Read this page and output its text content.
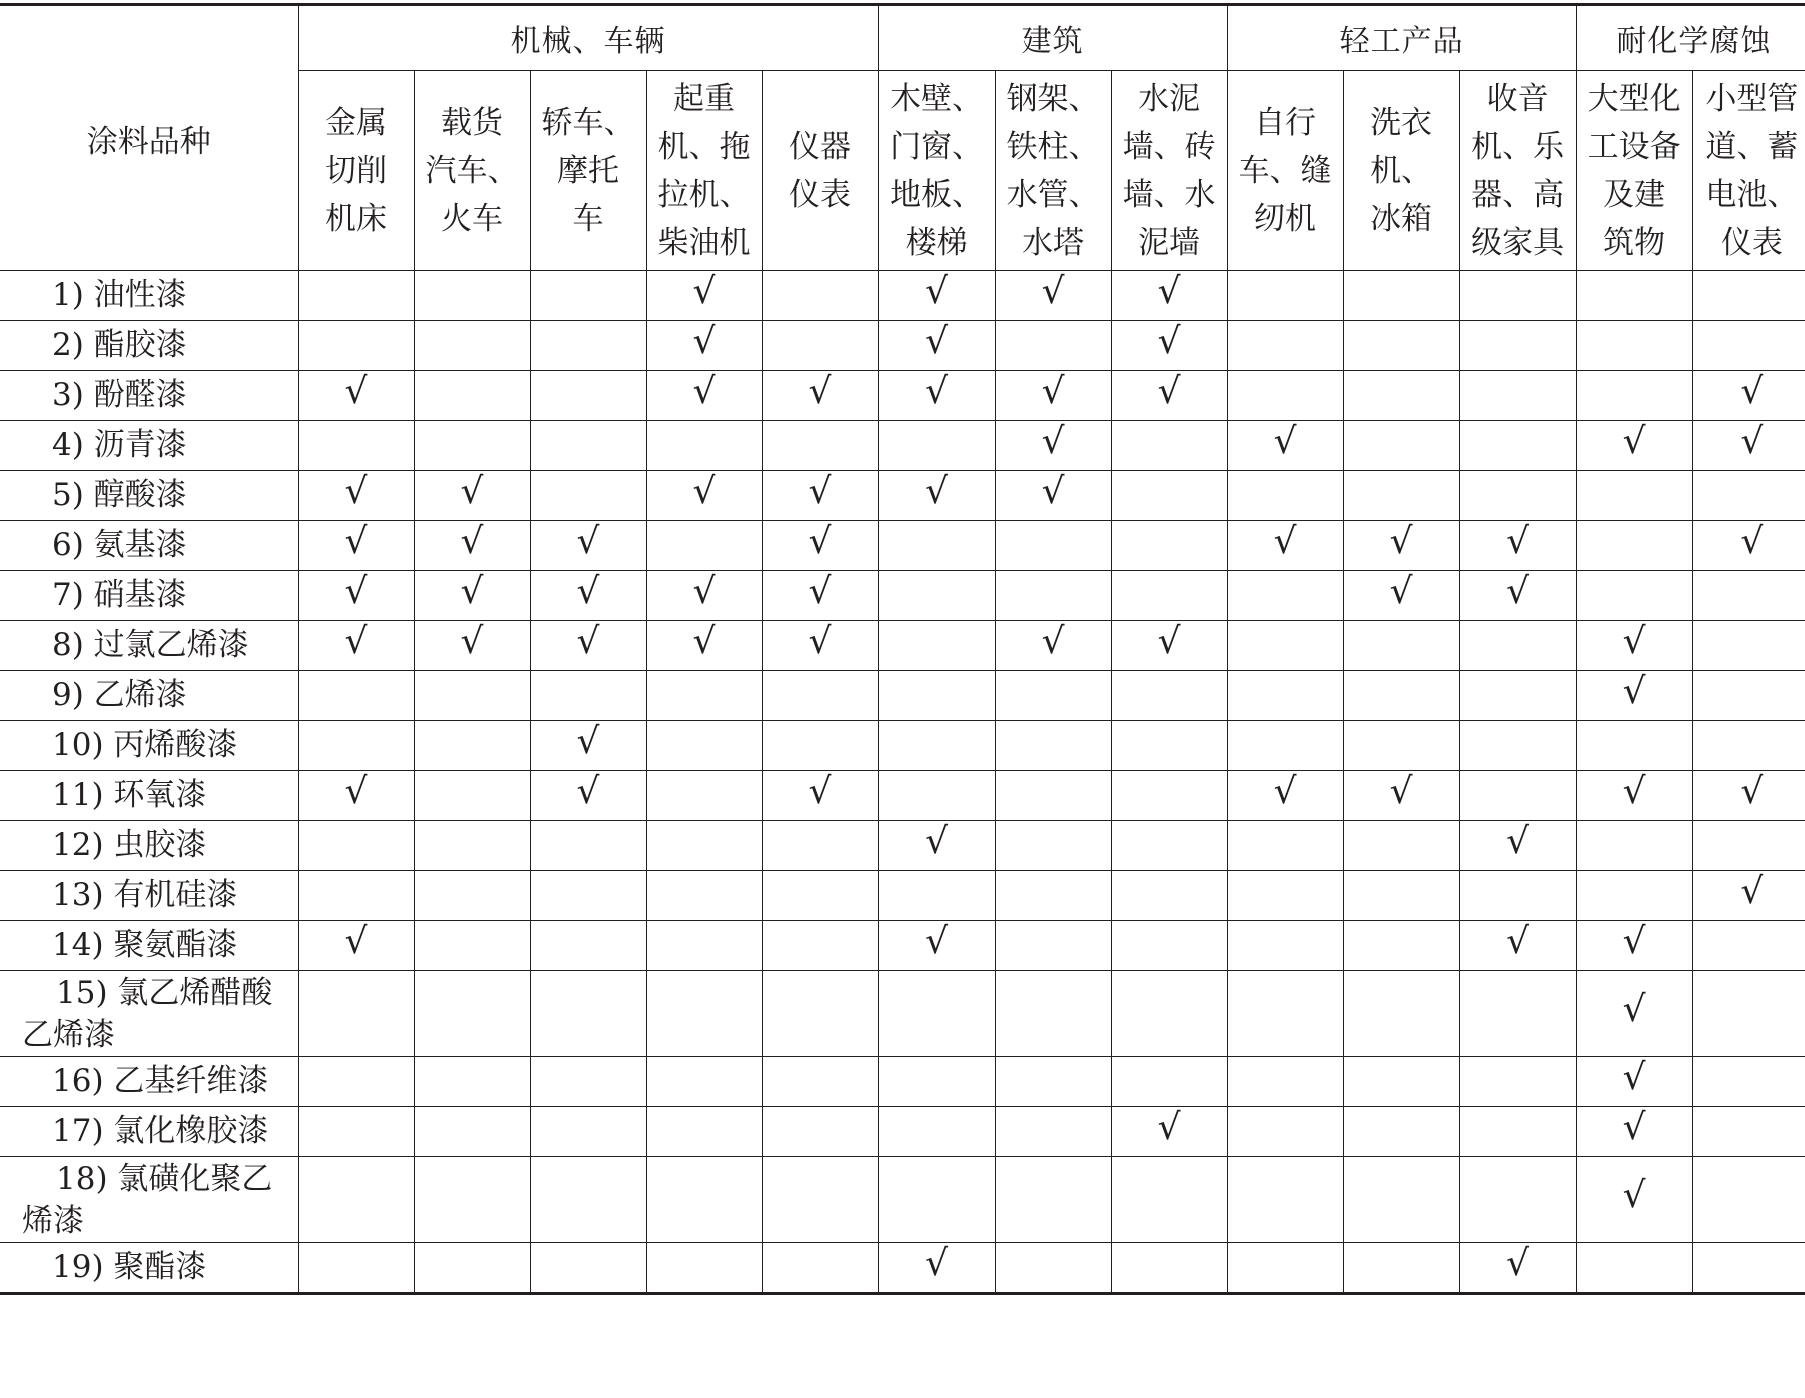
涂料品种	机械、车辆					建筑			轻工产品			耐化学腐蚀	

	金属
切削
机床	载货
汽车、
火车	轿车、
摩托
车	起重
机、拖
拉机、
柴油机	仪器
仪表	木壁、
门窗、
地板、
楼梯	钢架、
铁柱、
水管、
水塔	水泥
墙、砖
墙、水
泥墙	自行
车、缝
纫机	洗衣
机、
冰箱	收音
机、乐
器、高
级家具	大型化
工设备
及建
筑物	小型管
道、蓄
电池、
仪表

1) 油性漆				√		√	√	√					
2) 酯胶漆				√		√		√					
3) 酚醛漆	√			√	√	√	√	√					√
4) 沥青漆							√		√			√	√
5) 醇酸漆	√	√		√	√	√	√						
6) 氨基漆	√	√	√		√				√	√	√		√
7) 硝基漆	√	√	√	√	√					√	√		
8) 过氯乙烯漆	√	√	√	√	√		√	√				√	
9) 乙烯漆												√	
10) 丙烯酸漆			√										
11) 环氧漆	√		√		√				√	√		√	√
12) 虫胶漆						√					√		
13) 有机硅漆													√
14) 聚氨酯漆	√					√					√	√	

15) 氯乙烯醋酸
乙烯漆												√	
16) 乙基纤维漆												√	
17) 氯化橡胶漆								√				√	

18) 氯磺化聚乙
烯漆												√	
19) 聚酯漆						√					√		
